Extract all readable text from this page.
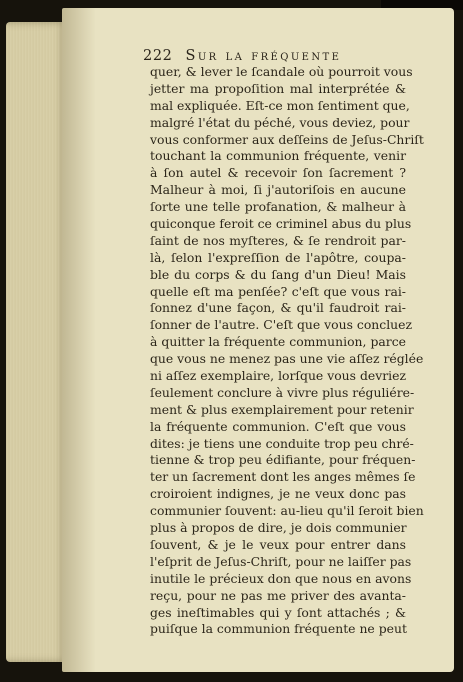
222 Sur la fréquente
quer, & lever le ſcandale où pourroit vous
jetter ma propoſition mal interprétée &
mal expliquée. Eſt-ce mon ſentiment que,
malgré l'état du péché, vous deviez, pour
vous conformer aux deſſeins de Jeſus-Chriſt
touchant la communion fréquente, venir
à ſon autel & recevoir ſon ſacrement ?
Malheur à moi, ſi j'autoriſois en aucune
ſorte une telle profanation, & malheur à
quiconque feroit ce criminel abus du plus
ſaint de nos myſteres, & ſe rendroit par-
là, ſelon l'expreſſion de l'apôtre, coupa-
ble du corps & du ſang d'un Dieu! Mais
quelle eſt ma penſée? c'eſt que vous rai-
ſonnez d'une façon, & qu'il faudroit rai-
ſonner de l'autre. C'eſt que vous concluez
à quitter la fréquente communion, parce
que vous ne menez pas une vie aſſez réglée
ni aſſez exemplaire, lorſque vous devriez
ſeulement conclure à vivre plus réguliére-
ment & plus exemplairement pour retenir
la fréquente communion. C'eſt que vous
dites: je tiens une conduite trop peu chré-
tienne & trop peu édifiante, pour fréquen-
ter un ſacrement dont les anges mêmes ſe
croiroient indignes, je ne veux donc pas
communier ſouvent: au-lieu qu'il ſeroit bien
plus à propos de dire, je dois communier
ſouvent, & je le veux pour entrer dans
l'eſprit de Jeſus-Chriſt, pour ne laiſſer pas
inutile le précieux don que nous en avons
reçu, pour ne pas me priver des avanta-
ges ineſtimables qui y ſont attachés ; &
puiſque la communion fréquente ne peut
